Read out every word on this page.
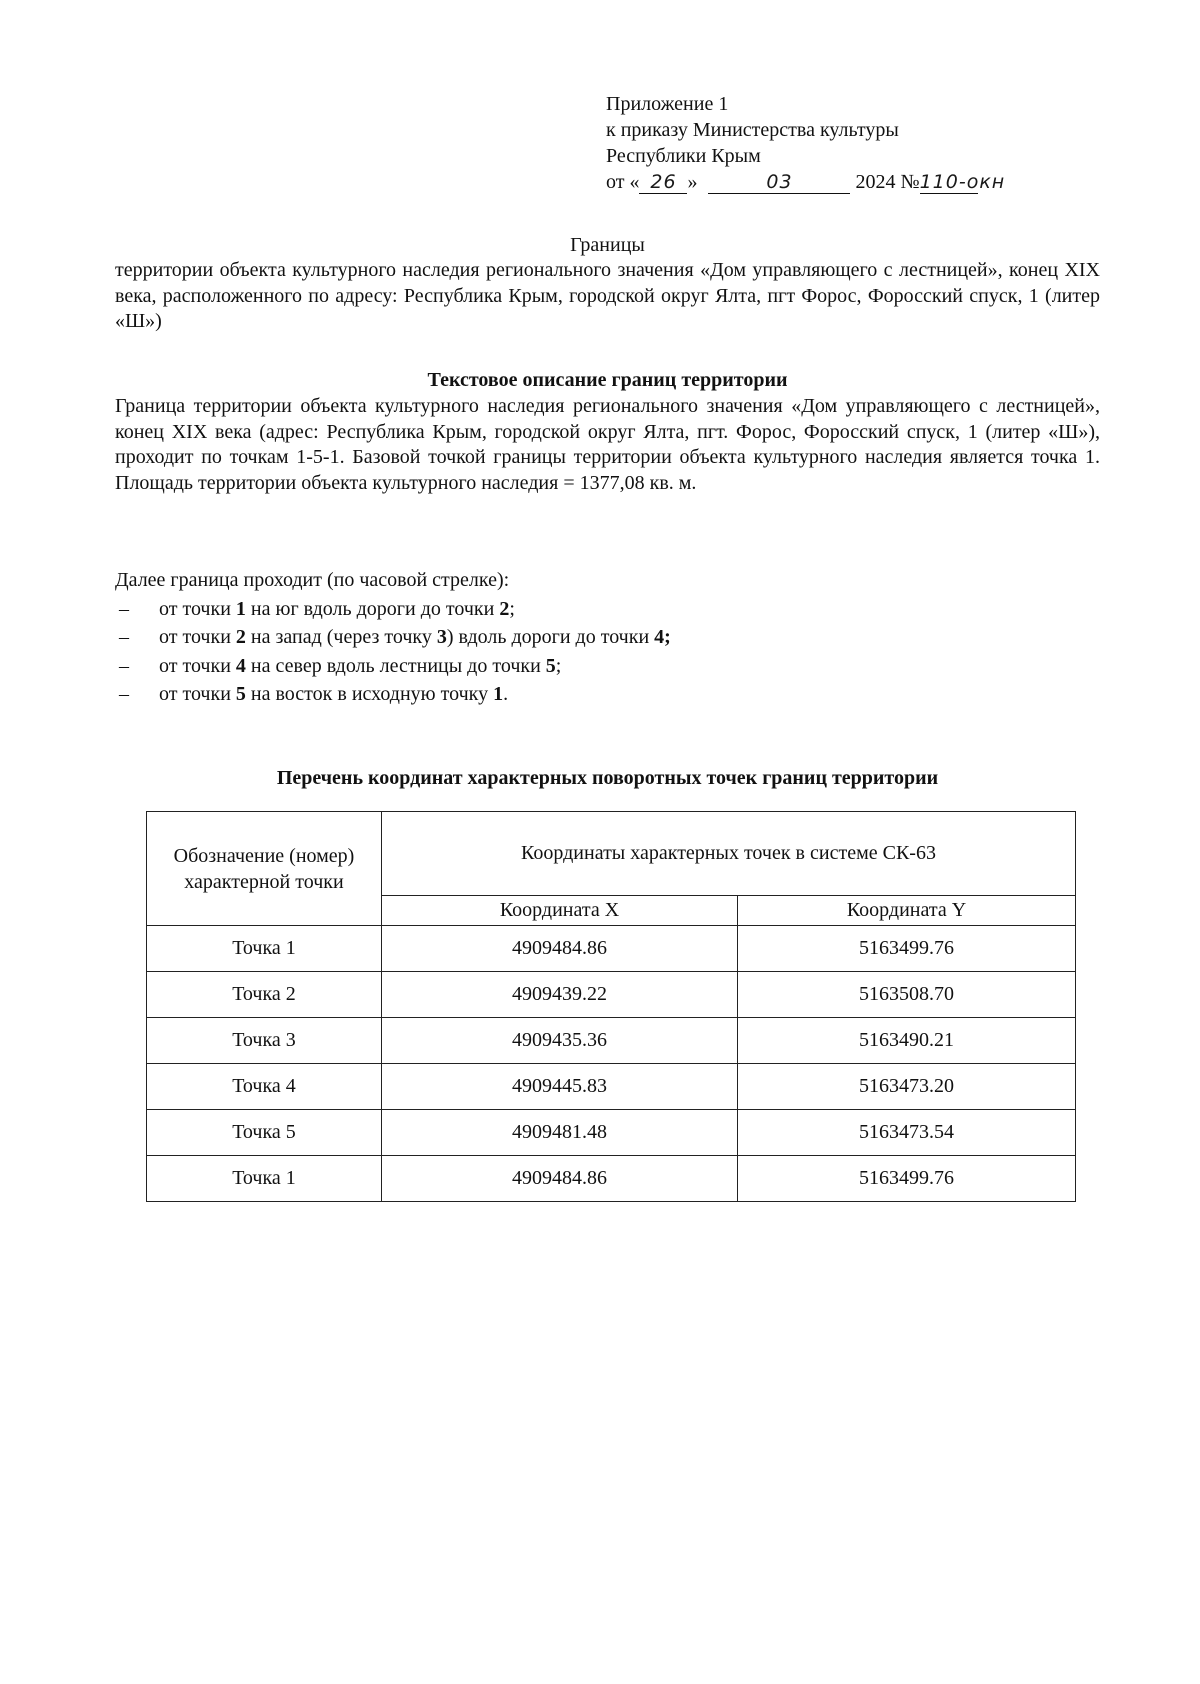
Приложение 1
к приказу Министерства культуры
Республики Крым
от « 26 »	03	2024 №110-окн
Границы
территории объекта культурного наследия регионального значения «Дом управляющего с лестницей», конец XIX века, расположенного по адресу: Республика Крым, городской округ Ялта, пгт Форос, Форосский спуск, 1 (литер «Ш»)
Текстовое описание границ территории
Граница территории объекта культурного наследия регионального значения «Дом управляющего с лестницей», конец XIX века (адрес: Республика Крым, городской округ Ялта, пгт. Форос, Форосский спуск, 1 (литер «Ш»), проходит по точкам 1-5-1. Базовой точкой границы территории объекта культурного наследия является точка 1. Площадь территории объекта культурного наследия = 1377,08 кв. м.
Далее граница проходит (по часовой стрелке):
– от точки 1 на юг вдоль дороги до точки 2;
– от точки 2 на запад (через точку 3) вдоль дороги до точки 4;
– от точки 4 на север вдоль лестницы до точки 5;
– от точки 5 на восток в исходную точку 1.
Перечень координат характерных поворотных точек границ территории
Обозначение (номер) характерной точки	Координаты характерных точек в системе СК-63	
	Координата X	Координата Y
Точка 1	4909484.86	5163499.76
Точка 2	4909439.22	5163508.70
Точка 3	4909435.36	5163490.21
Точка 4	4909445.83	5163473.20
Точка 5	4909481.48	5163473.54
Точка 1	4909484.86	5163499.76
